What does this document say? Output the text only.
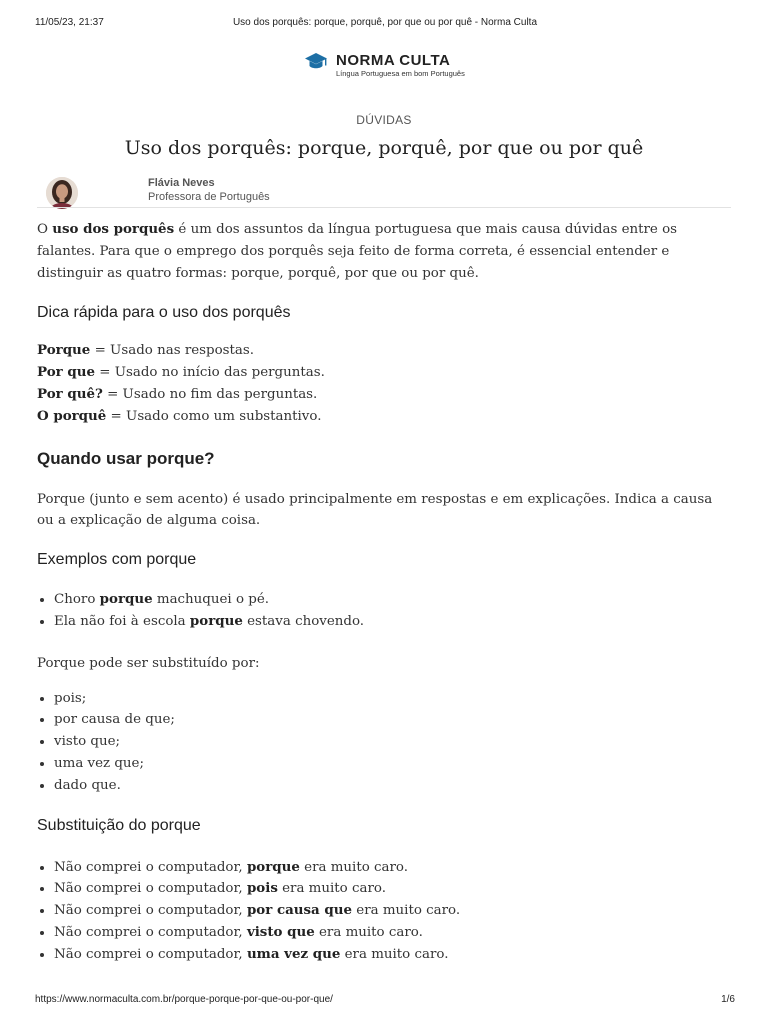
11/05/23, 21:37	Uso dos porquês: porque, porquê, por que ou por quê - Norma Culta
NORMA CULTA
Língua Portuguesa em bom Português
DÚVIDAS
Uso dos porquês: porque, porquê, por que ou por quê
Flávia Neves
Professora de Português

O uso dos porquês é um dos assuntos da língua portuguesa que mais causa dúvidas entre os falantes. Para que o emprego dos porquês seja feito de forma correta, é essencial entender e distinguir as quatro formas: porque, porquê, por que ou por quê.

Dica rápida para o uso dos porquês

Porque = Usado nas respostas.

Por que = Usado no início das perguntas.

Por quê? = Usado no fim das perguntas.

O porquê = Usado como um substantivo.

Quando usar porque?

Porque (junto e sem acento) é usado principalmente em respostas e em explicações. Indica a causa ou a explicação de alguma coisa.

Exemplos com porque
• Choro porque machuquei o pé.
• Ela não foi à escola porque estava chovendo.

Porque pode ser substituído por:

• pois;
• por causa de que;
• visto que;
• uma vez que;
• dado que.
Substituição do porque
• Não comprei o computador, porque era muito caro.
• Não comprei o computador, pois era muito caro.
• Não comprei o computador, por causa que era muito caro.
• Não comprei o computador, visto que era muito caro.
• Não comprei o computador, uma vez que era muito caro.
https://www.normaculta.com.br/porque-porque-por-que-ou-por-que/	1/6
